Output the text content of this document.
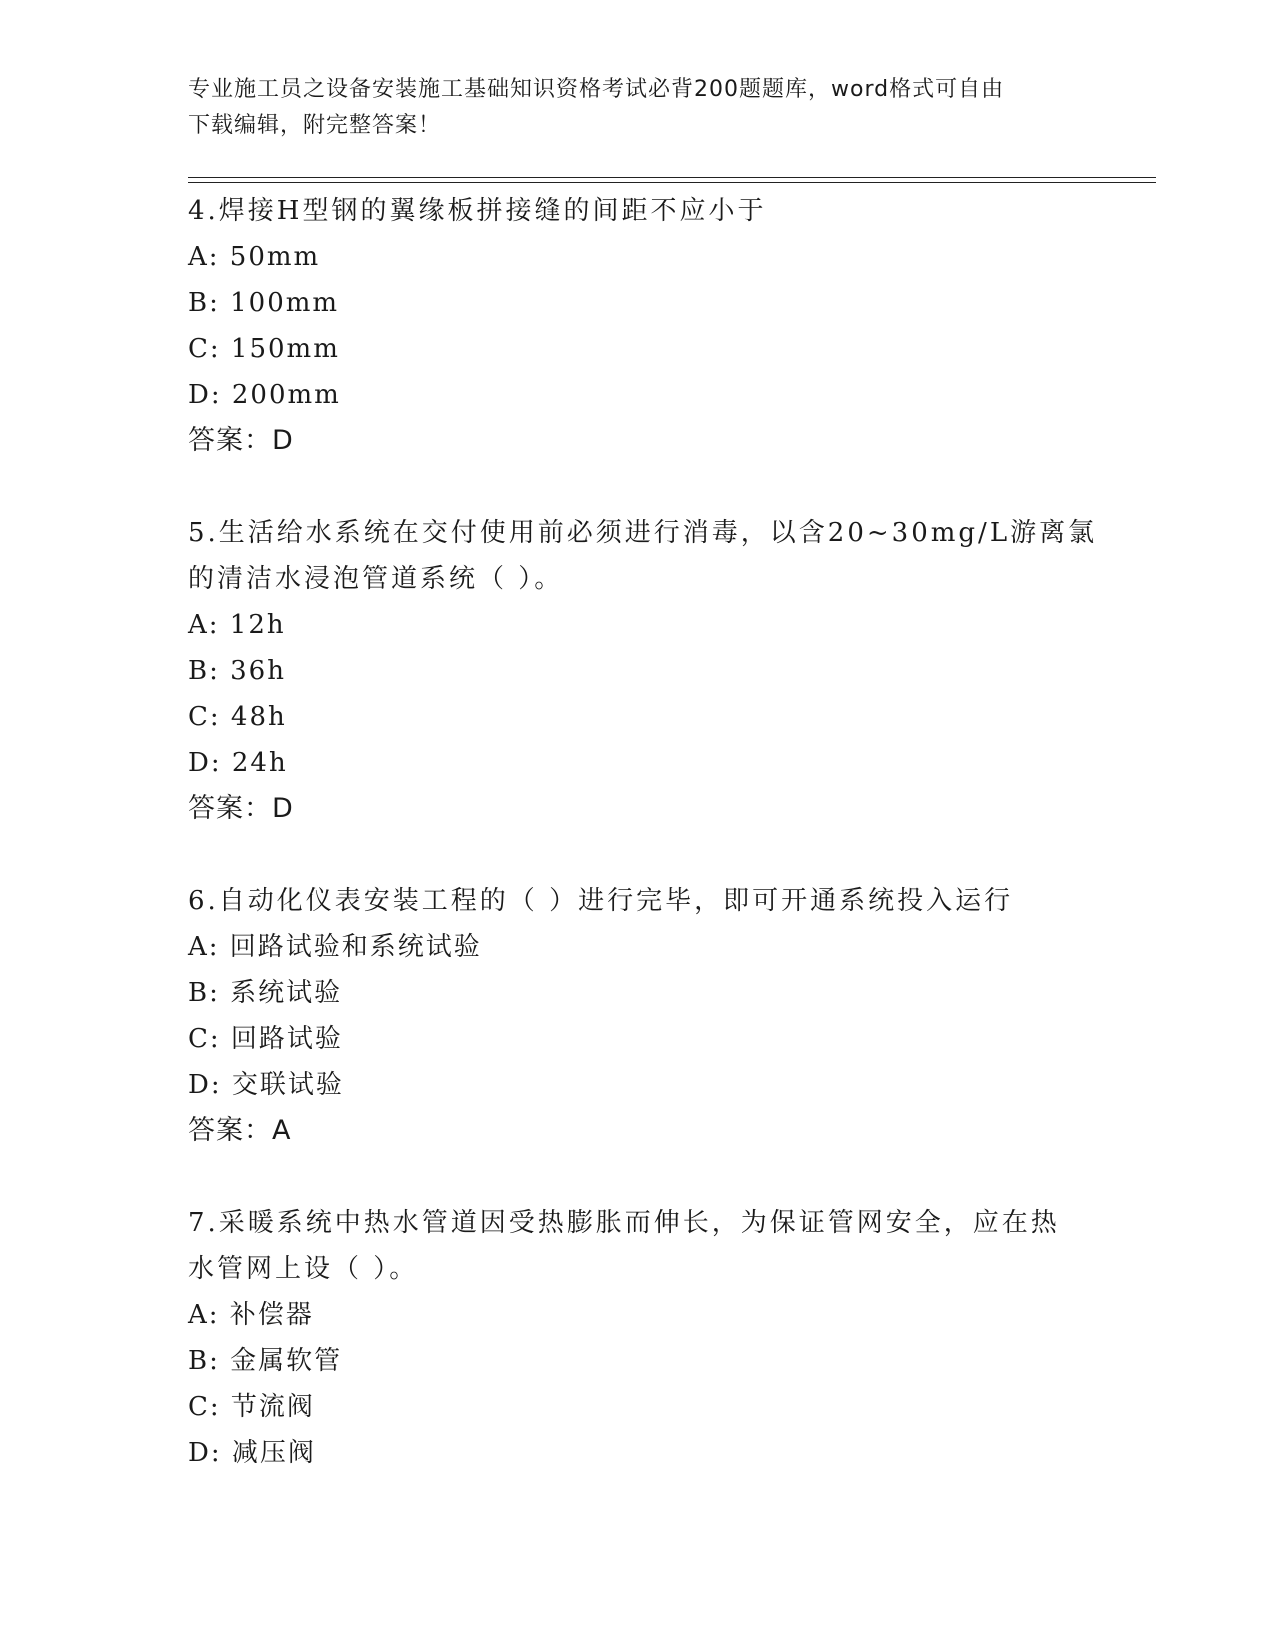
专业施工员之设备安装施工基础知识资格考试必背200题题库，word格式可自由
下载编辑，附完整答案！
4.焊接H型钢的翼缘板拼接缝的间距不应小于
A: 50mm
B: 100mm
C: 150mm
D: 200mm
答案：D
5.生活给水系统在交付使用前必须进行消毒，以含20~30mg/L游离氯
的清洁水浸泡管道系统（ ）。
A: 12h
B: 36h
C: 48h
D: 24h
答案：D
6.自动化仪表安装工程的（ ）进行完毕，即可开通系统投入运行
A: 回路试验和系统试验
B: 系统试验
C: 回路试验
D: 交联试验
答案：A
7.采暖系统中热水管道因受热膨胀而伸长，为保证管网安全，应在热
水管网上设（ ）。
A: 补偿器
B: 金属软管
C: 节流阀
D: 减压阀
